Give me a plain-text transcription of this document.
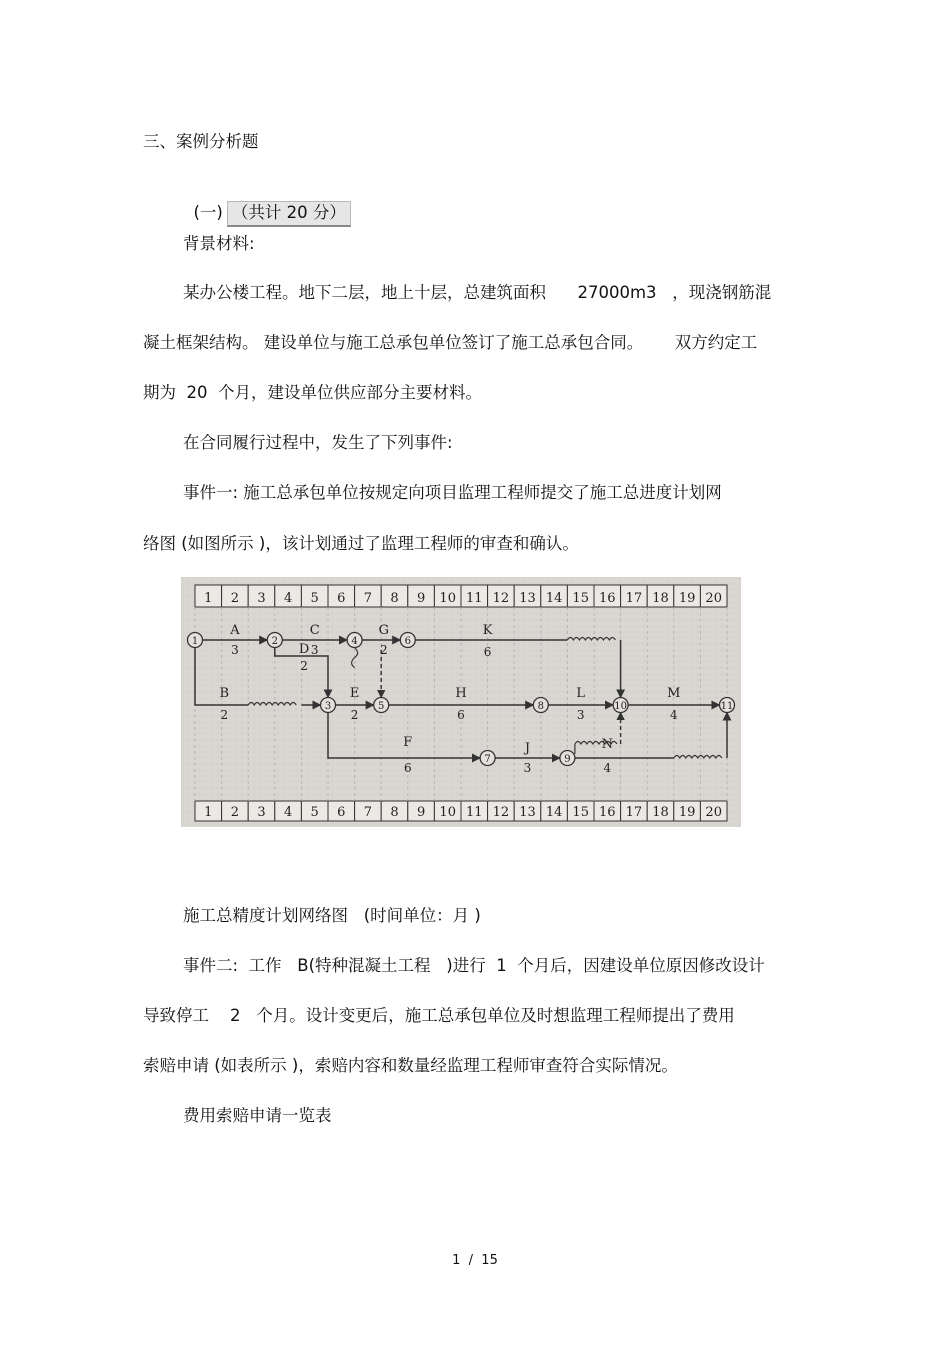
三、案例分析题

(一) （共计 20 分）

背景材料:
某办公楼工程。地下二层，地上十层，总建筑面积      27000m3   ，现浇钢筋混
凝土框架结构。 建设单位与施工总承包单位签订了施工总承包合同。      双方约定工
期为  20  个月，建设单位供应部分主要材料。
在合同履行过程中，发生了下列事件:
事件一: 施工总承包单位按规定向项目监理工程师提交了施工总进度计划网
络图 (如图所示 )，该计划通过了监理工程师的审查和确认。
1 2 3 4 5 6 7 8 9 10 11 12 13 14 15 16 17 18 19 20
1 2 3 4 5 6 7 8 9 10 11 12 13 14 15 16 17 18 19 20
1	2
3
4
5
6
7
8
9
10	11
A
3
B
2
C
3
D
2
E
2
F
6
G
2
H
6
J
3
K
6
L
3
M
4
N
4
施工总精度计划网络图   (时间单位：月 )
事件二:  工作   B(特种混凝土工程   )进行  1  个月后，因建设单位原因修改设计
导致停工    2   个月。设计变更后，施工总承包单位及时想监理工程师提出了费用
索赔申请 (如表所示 )，索赔内容和数量经监理工程师审查符合实际情况。
费用索赔申请一览表
1  /  15
